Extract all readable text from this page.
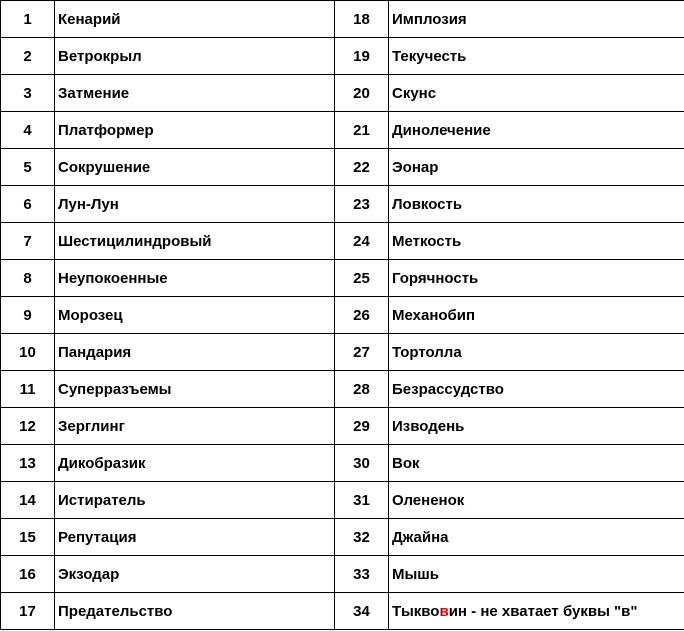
1	Кенарий	18	Имплозия
2	Ветрокрыл	19	Текучесть
3	Затмение	20	Скунс
4	Платформер	21	Динолечение
5	Сокрушение	22	Эонар
6	Лун-Лун	23	Ловкость
7	Шестицилиндровый	24	Меткость
8	Неупокоенные	25	Горячность
9	Морозец	26	Механобип
10	Пандария	27	Тортолла
11	Суперразъемы	28	Безрассудство
12	Зерглинг	29	Изводень
13	Дикобразик	30	Вок
14	Истиратель	31	Олененок
15	Репутация	32	Джайна
16	Экзодар	33	Мышь
17	Предательство	34	Тыквовин - не хватает буквы "в"
